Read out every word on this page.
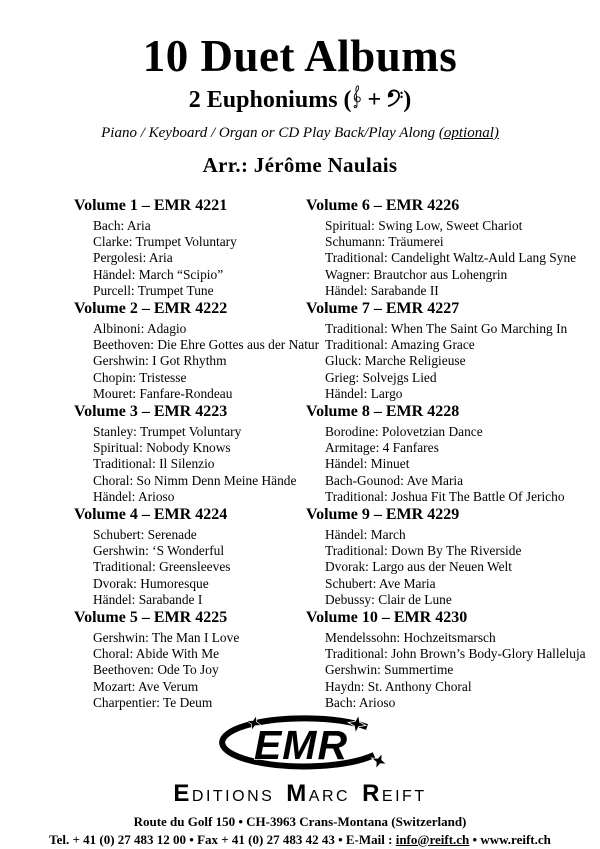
10 Duet Albums
2 Euphoniums ( + )
Piano / Keyboard / Organ or CD Play Back/Play Along (optional)
Arr.: Jérôme Naulais
Volume 1 – EMR 4221
Bach: Aria
Clarke: Trumpet Voluntary
Pergolesi: Aria
Händel: March “Scipio”
Purcell: Trumpet Tune
Volume 2 – EMR 4222
Albinoni: Adagio
Beethoven: Die Ehre Gottes aus der Natur
Gershwin: I Got Rhythm
Chopin: Tristesse
Mouret: Fanfare-Rondeau
Volume 3 – EMR 4223
Stanley: Trumpet Voluntary
Spiritual: Nobody Knows
Traditional: Il Silenzio
Choral: So Nimm Denn Meine Hände
Händel: Arioso
Volume 4 – EMR 4224
Schubert: Serenade
Gershwin: ‘S Wonderful
Traditional: Greensleeves
Dvorak: Humoresque
Händel: Sarabande I
Volume 5 – EMR 4225
Gershwin: The Man I Love
Choral: Abide With Me
Beethoven: Ode To Joy
Mozart: Ave Verum
Charpentier: Te Deum
Volume 6 – EMR 4226
Spiritual: Swing Low, Sweet Chariot
Schumann: Träumerei
Traditional: Candelight Waltz-Auld Lang Syne
Wagner: Brautchor aus Lohengrin
Händel: Sarabande II
Volume 7 – EMR 4227
Traditional: When The Saint Go Marching In
Traditional: Amazing Grace
Gluck: Marche Religieuse
Grieg: Solvejgs Lied
Händel: Largo
Volume 8 – EMR 4228
Borodine: Polovetzian Dance
Armitage: 4 Fanfares
Händel: Minuet
Bach-Gounod: Ave Maria
Traditional: Joshua Fit The Battle Of Jericho
Volume 9 – EMR 4229
Händel: March
Traditional: Down By The Riverside
Dvorak: Largo aus der Neuen Welt
Schubert: Ave Maria
Debussy: Clair de Lune
Volume 10 – EMR 4230
Mendelssohn: Hochzeitsmarsch
Traditional: John Brown’s Body-Glory Halleluja
Gershwin: Summertime
Haydn: St. Anthony Choral
Bach: Arioso
EMR
EDITIONS MARC REIFT
Route du Golf 150 • CH-3963 Crans-Montana (Switzerland)
Tel. + 41 (0) 27 483 12 00 • Fax + 41 (0) 27 483 42 43 • E-Mail : info@reift.ch • www.reift.ch
